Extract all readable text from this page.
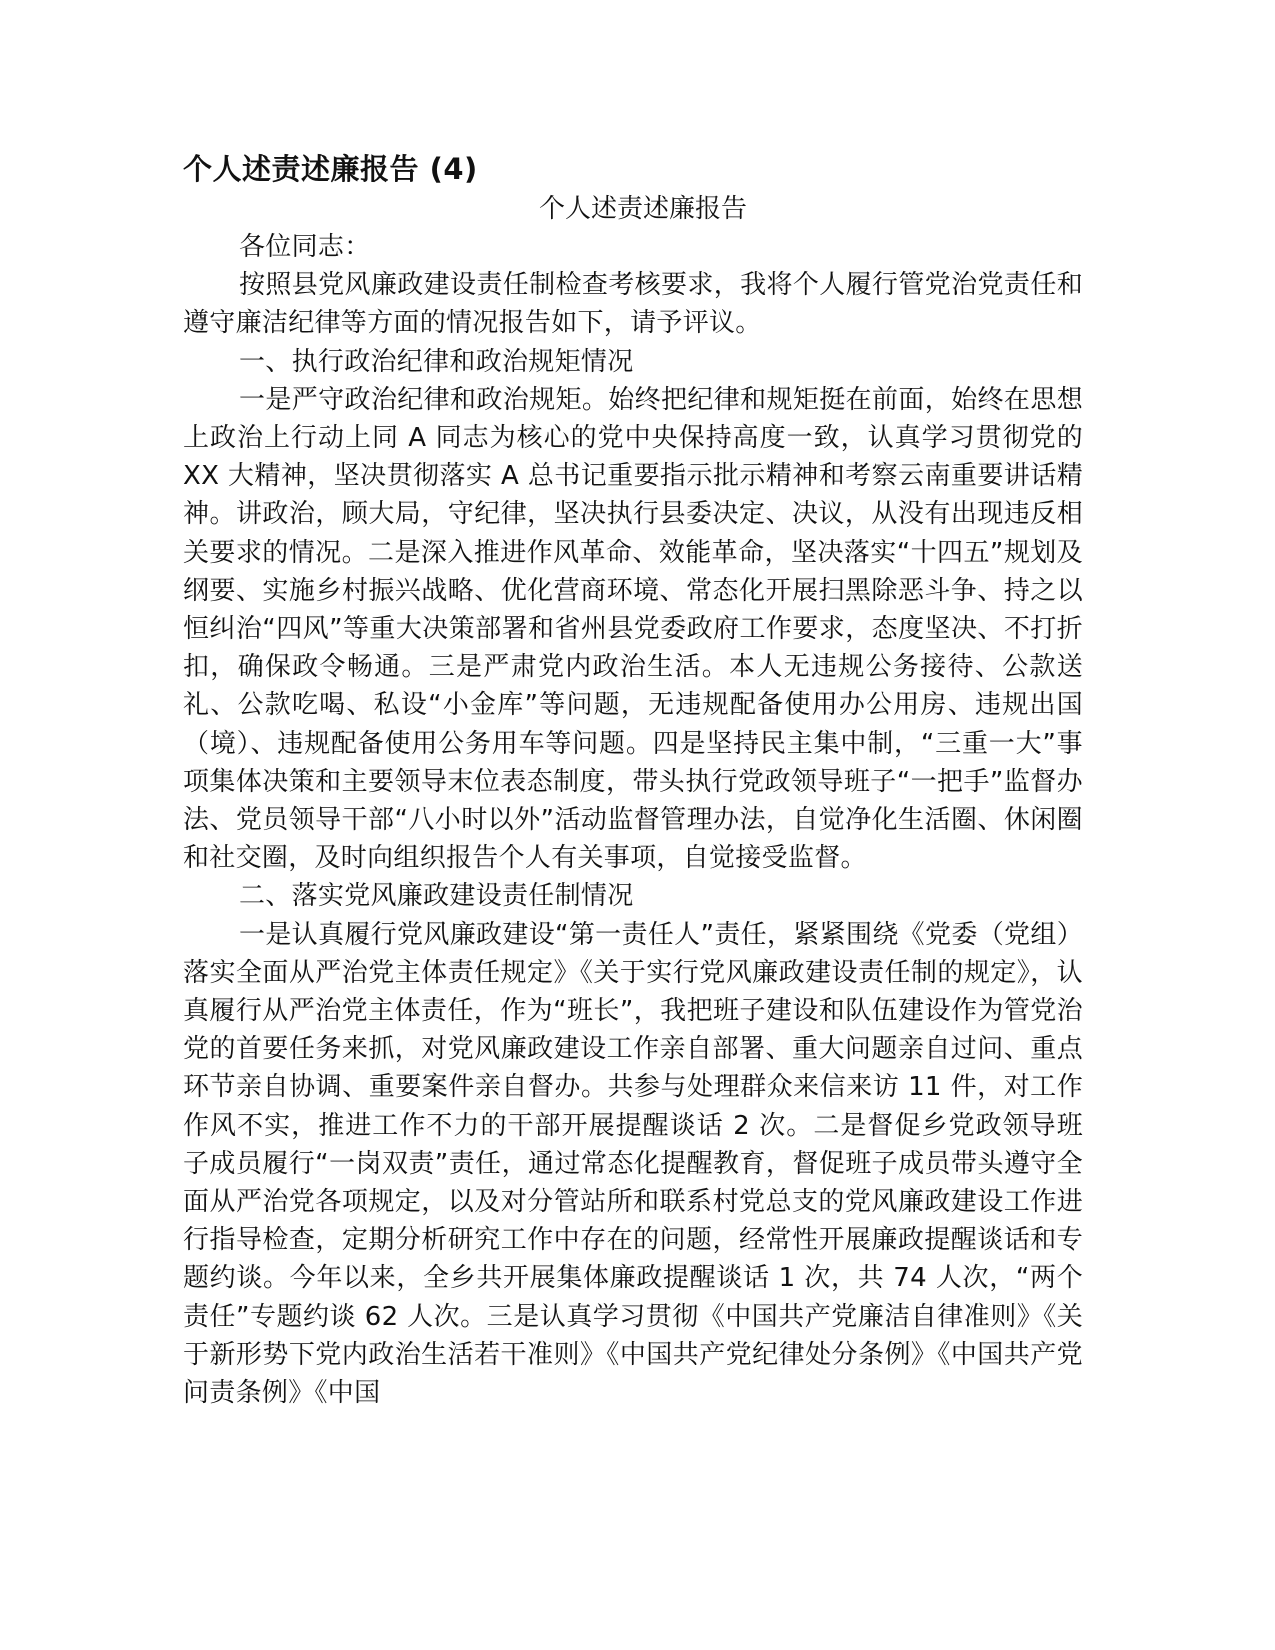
个人述责述廉报告 (4)

个人述责述廉报告

各位同志：

按照县党风廉政建设责任制检查考核要求，我将个人履行管党治党责任和遵守廉洁纪律等方面的情况报告如下，请予评议。

一、执行政治纪律和政治规矩情况

一是严守政治纪律和政治规矩。始终把纪律和规矩挺在前面，始终在思想上政治上行动上同 A 同志为核心的党中央保持高度一致，认真学习贯彻党的 XX 大精神，坚决贯彻落实 A 总书记重要指示批示精神和考察云南重要讲话精神。讲政治，顾大局，守纪律，坚决执行县委决定、决议，从没有出现违反相关要求的情况。二是深入推进作风革命、效能革命，坚决落实“十四五”规划及纲要、实施乡村振兴战略、优化营商环境、常态化开展扫黑除恶斗争、持之以恒纠治“四风”等重大决策部署和省州县党委政府工作要求，态度坚决、不打折扣，确保政令畅通。三是严肃党内政治生活。本人无违规公务接待、公款送礼、公款吃喝、私设“小金库”等问题，无违规配备使用办公用房、违规出国（境）、违规配备使用公务用车等问题。四是坚持民主集中制，“三重一大”事项集体决策和主要领导末位表态制度，带头执行党政领导班子“一把手”监督办法、党员领导干部“八小时以外”活动监督管理办法，自觉净化生活圈、休闲圈和社交圈，及时向组织报告个人有关事项，自觉接受监督。

二、落实党风廉政建设责任制情况

一是认真履行党风廉政建设“第一责任人”责任，紧紧围绕《党委（党组）落实全面从严治党主体责任规定》《关于实行党风廉政建设责任制的规定》，认真履行从严治党主体责任，作为“班长”，我把班子建设和队伍建设作为管党治党的首要任务来抓，对党风廉政建设工作亲自部署、重大问题亲自过问、重点环节亲自协调、重要案件亲自督办。共参与处理群众来信来访 11 件，对工作作风不实，推进工作不力的干部开展提醒谈话 2 次。二是督促乡党政领导班子成员履行“一岗双责”责任，通过常态化提醒教育，督促班子成员带头遵守全面从严治党各项规定，以及对分管站所和联系村党总支的党风廉政建设工作进行指导检查，定期分析研究工作中存在的问题，经常性开展廉政提醒谈话和专题约谈。今年以来，全乡共开展集体廉政提醒谈话 1 次，共 74 人次，“两个责任”专题约谈 62 人次。三是认真学习贯彻《中国共产党廉洁自律准则》《关于新形势下党内政治生活若干准则》《中国共产党纪律处分条例》《中国共产党问责条例》《中国
